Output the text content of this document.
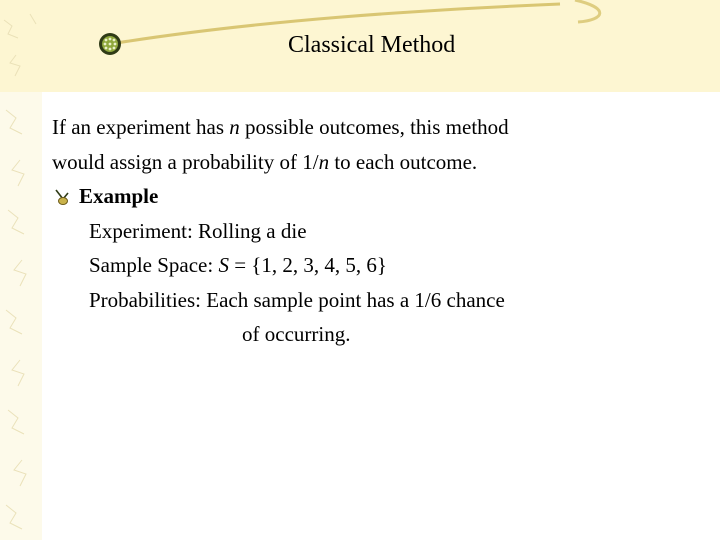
Classical Method
If an experiment has n possible outcomes, this method
would assign a probability of 1/n to each outcome.
Example
Experiment: Rolling a die
Sample Space: S = {1, 2, 3, 4, 5, 6}
Probabilities: Each sample point has a 1/6 chance
of occurring.
